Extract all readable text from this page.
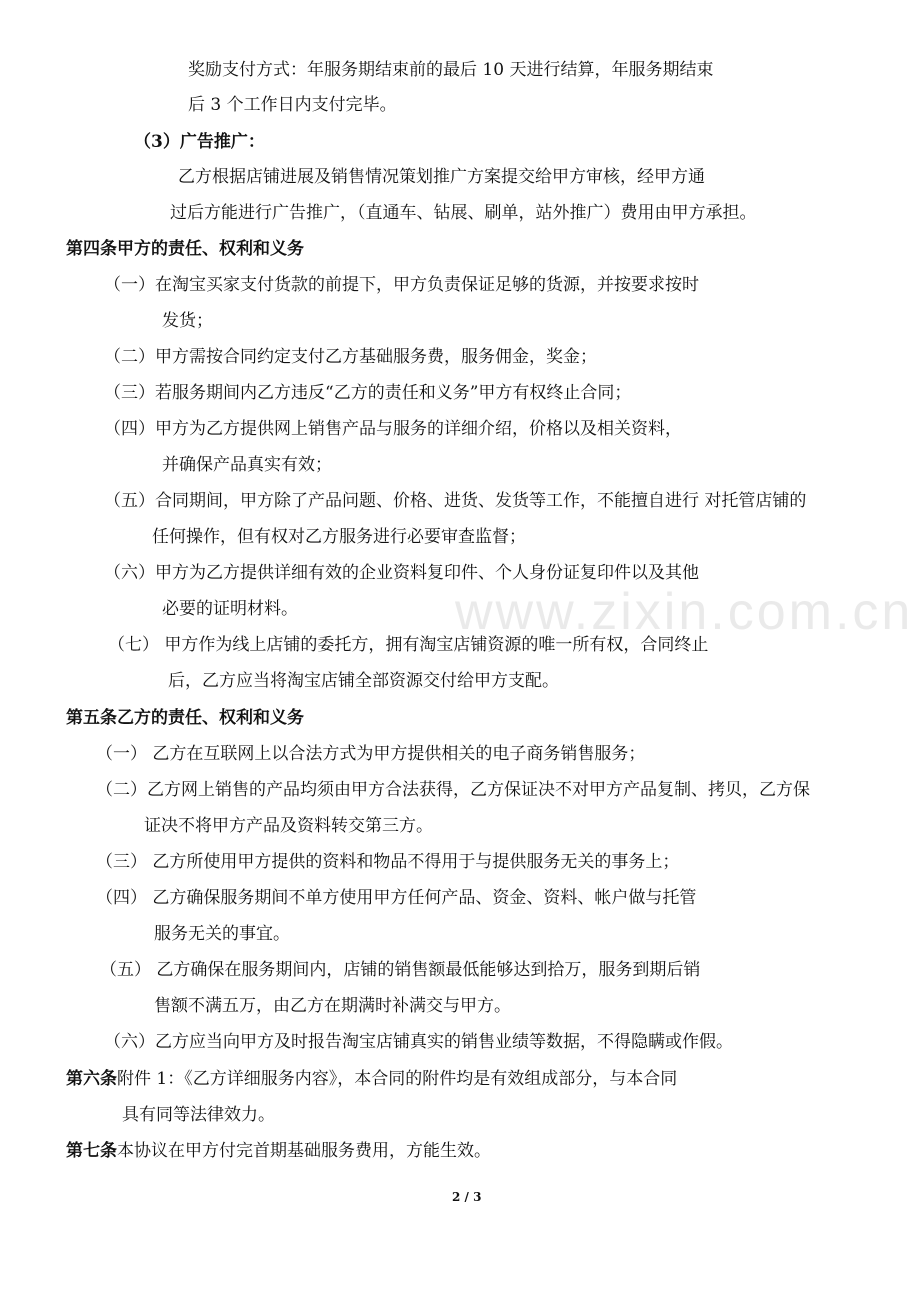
www.zixin.com.cn
奖励支付方式：年服务期结束前的最后 10 天进行结算，年服务期结束
后 3 个工作日内支付完毕。
（3）广告推广：
乙方根据店铺进展及销售情况策划推广方案提交给甲方审核，经甲方通
过后方能进行广告推广，（直通车、钻展、刷单，站外推广）费用由甲方承担。
第四条甲方的责任、权利和义务
（一）在淘宝买家支付货款的前提下，甲方负责保证足够的货源，并按要求按时
发货；
（二）甲方需按合同约定支付乙方基础服务费，服务佣金，奖金；
（三）若服务期间内乙方违反“乙方的责任和义务”甲方有权终止合同；
（四）甲方为乙方提供网上销售产品与服务的详细介绍，价格以及相关资料，
并确保产品真实有效；
（五）合同期间，甲方除了产品问题、价格、进货、发货等工作，不能擅自进行 对托管店铺的
任何操作，但有权对乙方服务进行必要审查监督；
（六）甲方为乙方提供详细有效的企业资料复印件、个人身份证复印件以及其他
必要的证明材料。
（七） 甲方作为线上店铺的委托方，拥有淘宝店铺资源的唯一所有权，合同终止
后，乙方应当将淘宝店铺全部资源交付给甲方支配。
第五条乙方的责任、权利和义务
（一） 乙方在互联网上以合法方式为甲方提供相关的电子商务销售服务；
（二）乙方网上销售的产品均须由甲方合法获得，乙方保证决不对甲方产品复制、拷贝，乙方保
证决不将甲方产品及资料转交第三方。
（三） 乙方所使用甲方提供的资料和物品不得用于与提供服务无关的事务上；
（四） 乙方确保服务期间不单方使用甲方任何产品、资金、资料、帐户做与托管
服务无关的事宜。
（五） 乙方确保在服务期间内，店铺的销售额最低能够达到拾万，服务到期后销
售额不满五万，由乙方在期满时补满交与甲方。
（六）乙方应当向甲方及时报告淘宝店铺真实的销售业绩等数据，不得隐瞒或作假。
第六条附件 1：《乙方详细服务内容》，本合同的附件均是有效组成部分，与本合同
具有同等法律效力。
第七条本协议在甲方付完首期基础服务费用，方能生效。
2 / 3
